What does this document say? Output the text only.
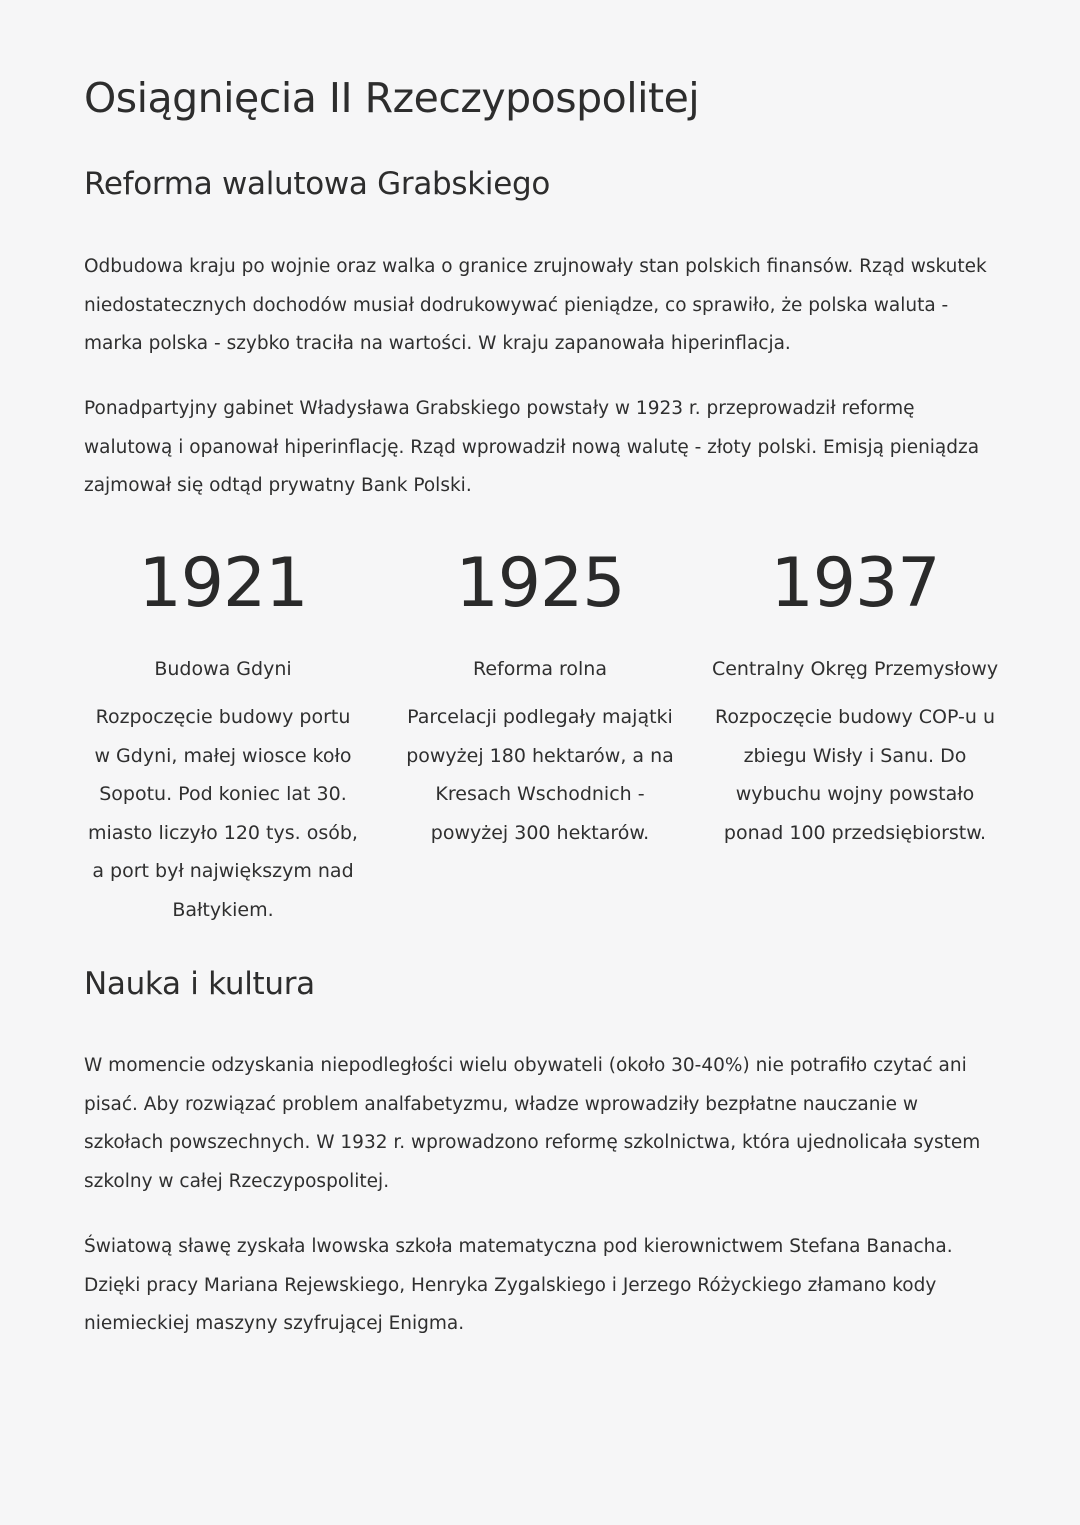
Osiągnięcia II Rzeczypospolitej
Reforma walutowa Grabskiego

Odbudowa kraju po wojnie oraz walka o granice zrujnowały stan polskich finansów. Rząd wskutek niedostatecznych dochodów musiał dodrukowywać pieniądze, co sprawiło, że polska waluta - marka polska - szybko traciła na wartości. W kraju zapanowała hiperinflacja.

Ponadpartyjny gabinet Władysława Grabskiego powstały w 1923 r. przeprowadził reformę walutową i opanował hiperinflację. Rząd wprowadził nową walutę - złoty polski. Emisją pieniądza zajmował się odtąd prywatny Bank Polski.

1921
Budowa Gdyni
Rozpoczęcie budowy portu w Gdyni, małej wiosce koło Sopotu. Pod koniec lat 30. miasto liczyło 120 tys. osób, a port był największym nad Bałtykiem.
1925
Reforma rolna
Parcelacji podlegały majątki powyżej 180 hektarów, a na Kresach Wschodnich - powyżej 300 hektarów.
1937
Centralny Okręg Przemysłowy
Rozpoczęcie budowy COP-u u zbiegu Wisły i Sanu. Do wybuchu wojny powstało ponad 100 przedsiębiorstw.
Nauka i kultura

W momencie odzyskania niepodległości wielu obywateli (około 30-40%) nie potrafiło czytać ani pisać. Aby rozwiązać problem analfabetyzmu, władze wprowadziły bezpłatne nauczanie w szkołach powszechnych. W 1932 r. wprowadzono reformę szkolnictwa, która ujednolicała system szkolny w całej Rzeczypospolitej.

Światową sławę zyskała lwowska szkoła matematyczna pod kierownictwem Stefana Banacha. Dzięki pracy Mariana Rejewskiego, Henryka Zygalskiego i Jerzego Różyckiego złamano kody niemieckiej maszyny szyfrującej Enigma.
